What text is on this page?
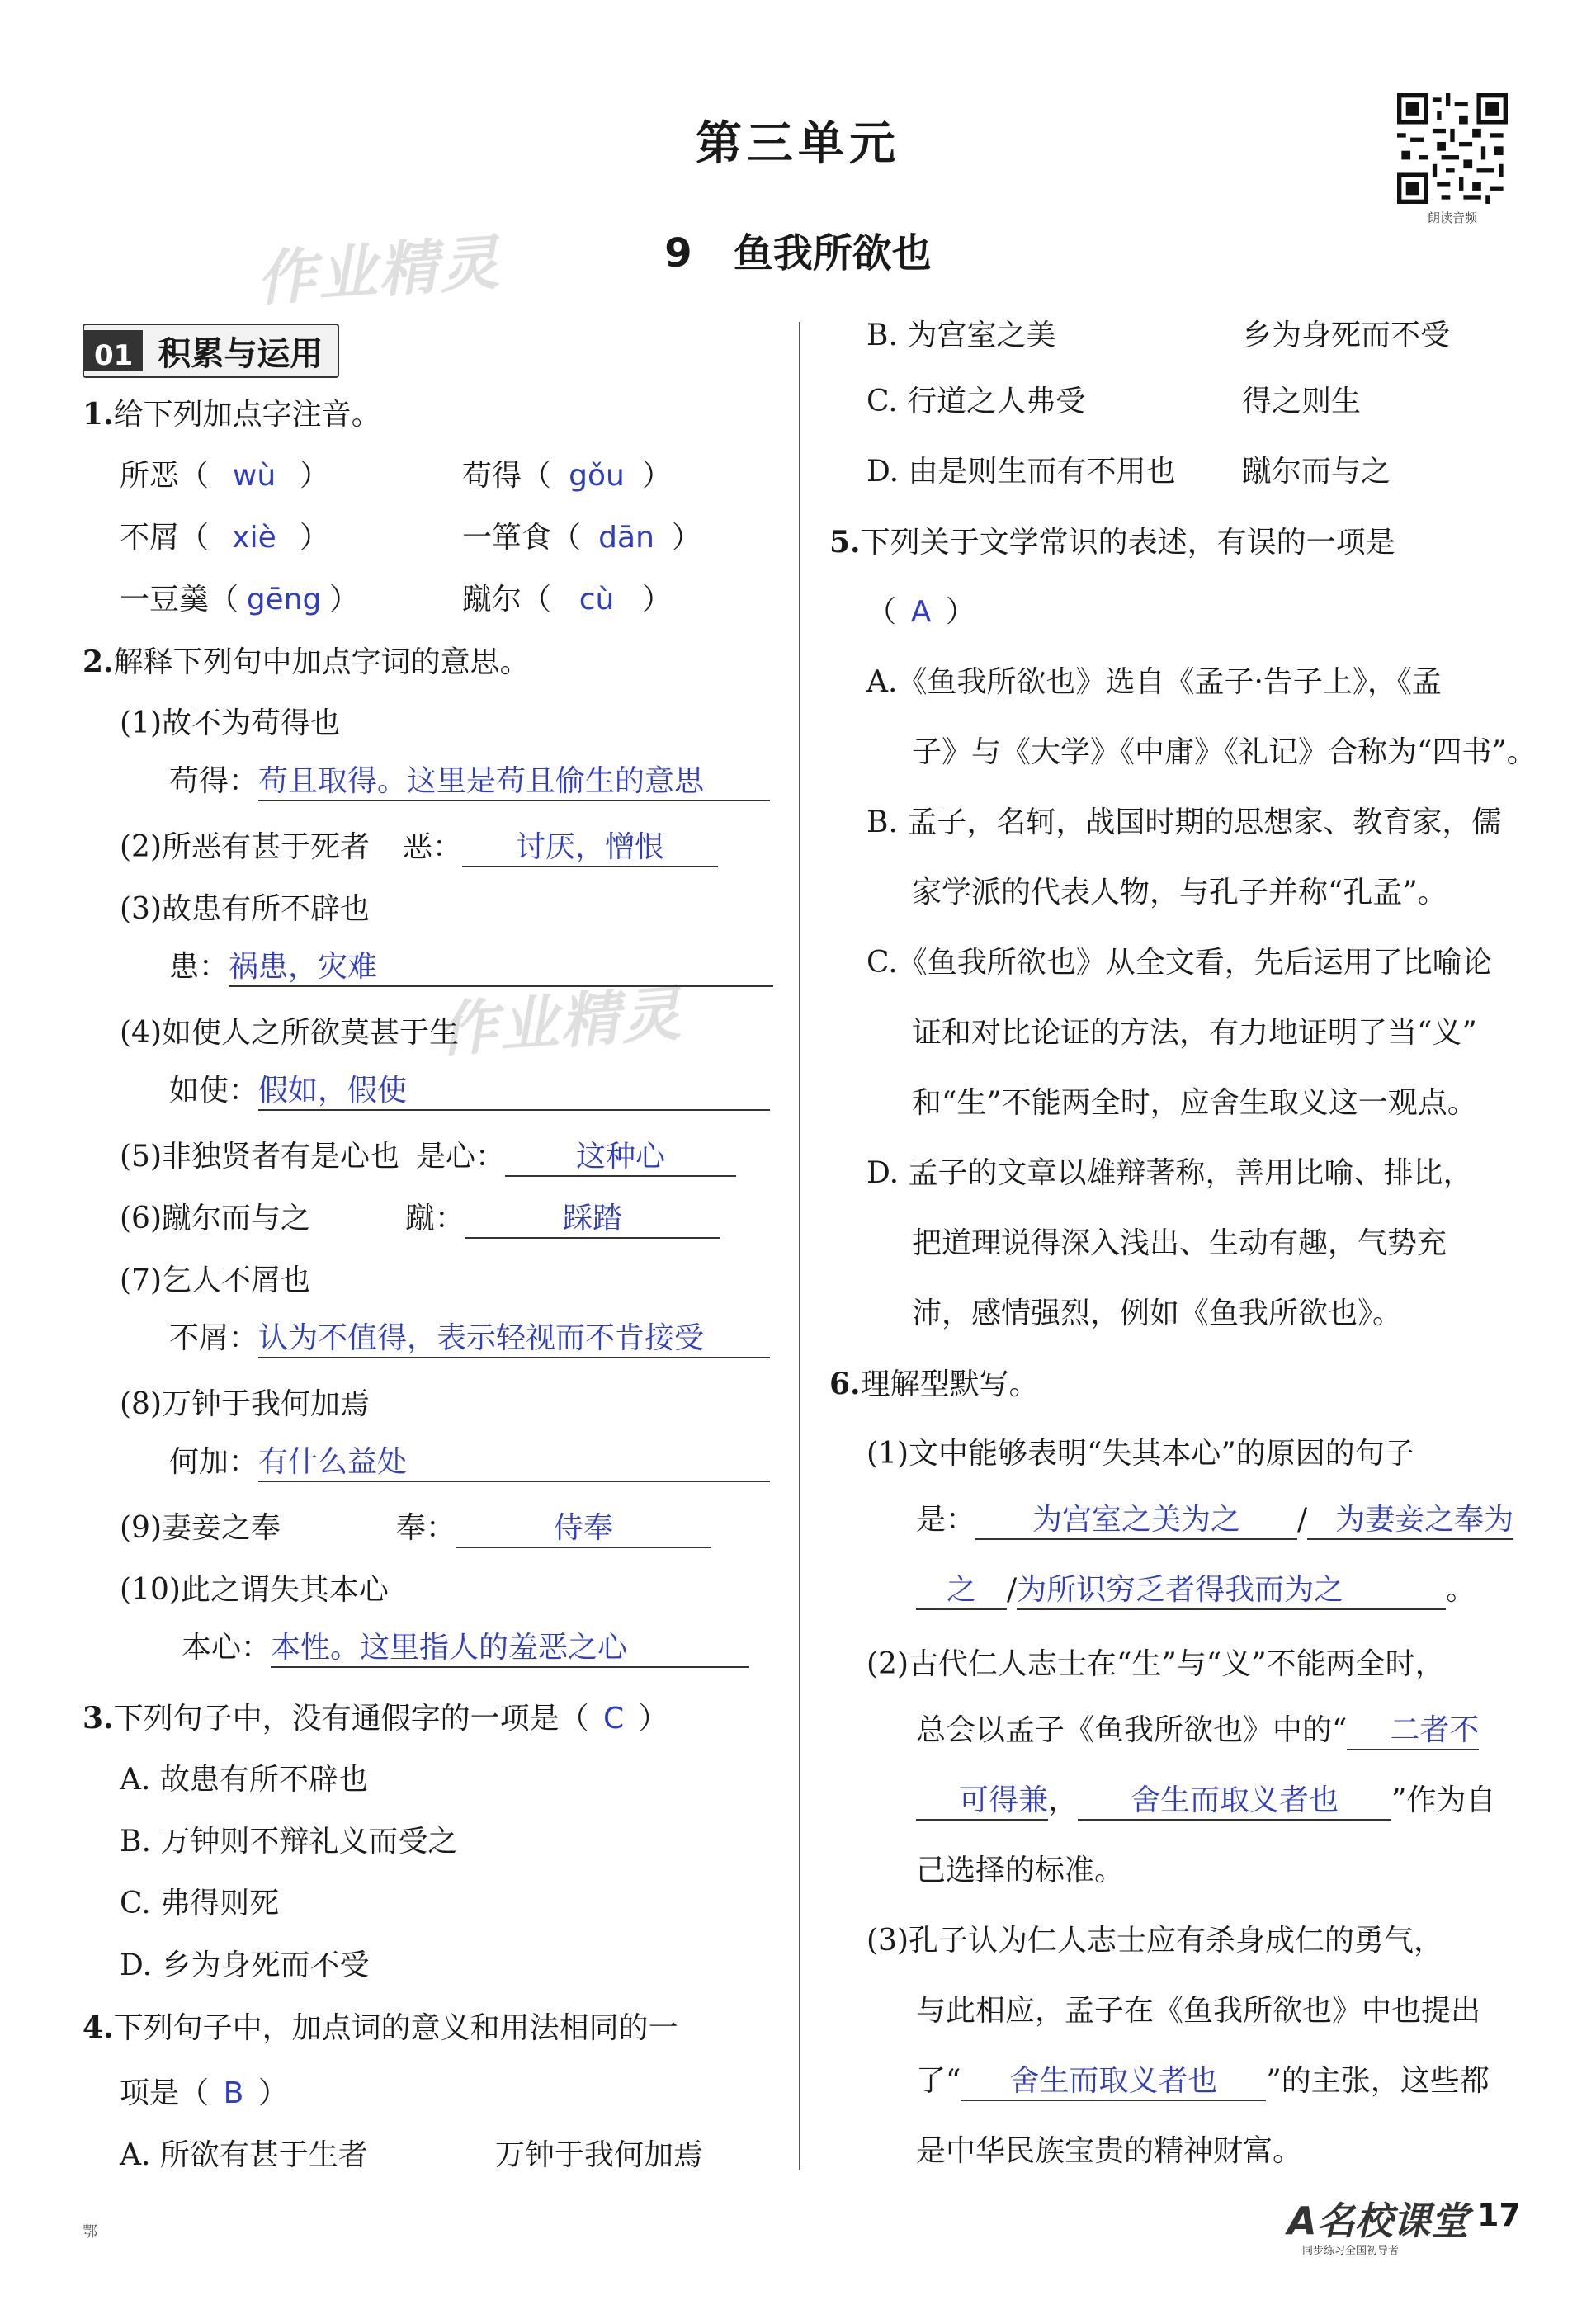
第三单元
9 鱼我所欲也
朗读音频
作业精灵
作业精灵
01 积累与运用
1.给下列加点字注音。
所恶（ wù ）	苟得（ gǒu ）
不屑（ xiè ）	一箪食（ dān ）
一豆羹（ gēng ）	蹴尔（ cù ）
2.解释下列句中加点字词的意思。
(1)故不为苟得也
苟得：苟且取得。这里是苟且偷生的意思
(2)所恶有甚于死者 恶： 讨厌，憎恨
(3)故患有所不辟也
患：祸患，灾难
(4)如使人之所欲莫甚于生
如使：假如，假使
(5)非独贤者有是心也 是心： 这种心
(6)蹴尔而与之	蹴：	踩踏
(7)乞人不屑也
不屑：认为不值得，表示轻视而不肯接受
(8)万钟于我何加焉
何加：有什么益处
(9)妻妾之奉	奉：	侍奉
(10)此之谓失其本心
本心：本性。这里指人的羞恶之心
3.下列句子中，没有通假字的一项是（ C ）
A. 故患有所不辟也
B. 万钟则不辩礼义而受之
C. 弗得则死
D. 乡为身死而不受
4.下列句子中，加点词的意义和用法相同的一
项是（ B ）
A. 所欲有甚于生者	万钟于我何加焉
B. 为宫室之美	乡为身死而不受
C. 行道之人弗受	得之则生
D. 由是则生而有不用也 蹴尔而与之
5.下列关于文学常识的表述，有误的一项是
（ A ）
A.《鱼我所欲也》选自《孟子·告子上》，《孟
子》与《大学》《中庸》《礼记》合称为“四书”。
B. 孟子，名轲，战国时期的思想家、教育家，儒
家学派的代表人物，与孔子并称“孔孟”。
C.《鱼我所欲也》从全文看，先后运用了比喻论
证和对比论证的方法，有力地证明了当“义”
和“生”不能两全时，应舍生取义这一观点。
D. 孟子的文章以雄辩著称，善用比喻、排比，
把道理说得深入浅出、生动有趣，气势充
沛，感情强烈，例如《鱼我所欲也》。
6.理解型默写。
(1)文中能够表明“失其本心”的原因的句子
是： 为宫室之美为之 / 为妻妾之奉为
之 /为所识穷乏者得我而为之	。
(2)古代仁人志士在“生”与“义”不能两全时，
总会以孟子《鱼我所欲也》中的“ 二者不
可得兼， 舍生而取义者也 ”作为自
己选择的标准。
(3)孔子认为仁人志士应有杀身成仁的勇气，
与此相应，孟子在《鱼我所欲也》中也提出
了“ 舍生而取义者也 ”的主张，这些都
是中华民族宝贵的精神财富。
鄂	A名校课堂
同步练习全国初导者
17
